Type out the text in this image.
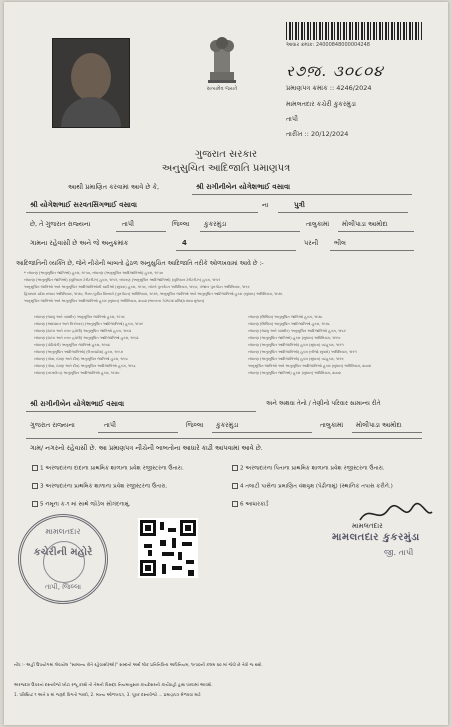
સત્યમેવ જયતે
આધાર ક્રમાંક: 24000848000004248
ર૭જ઼. ૩૦૮૦૪
પ્રમાણપત્ર ક્રમાંક :: 4246/2024
મામલતદાર કચેરી કુકરમુંડા
તાપી
તારીખ :: 20/12/2024
ગુજરાત સરકાર
અનુસુચિત આદિજાતિ પ્રમાણપત્ર
આથી પ્રમાણિત કરવામાં આવે છે કે,	શ્રી રાગીનીબેન યોગેશભાઈ વસાવા
શ્રી યોગેશભાઈ સરવતસિંગભાઈ વસાવા	ના	પુત્રી
છે, તે ગુજરાત રાજ્યના	તાપી	જિલ્લા કુકરમુંડા	તાલુકામાં મોલીપાડા આમોદા
ગામના રહેવાસી છે અને જે અનુક્રમાંક	4	પરની ભીલ
આદિજાતિની વ્યક્તિ છે, જેને નીચેની બાબતો હેઠળ અનુસુચિત આદિજાતિ તરીકે ઓળખવામાં આવે છે :-
* બંધારણ (અનુસૂચિત જાતિઓ) હુકમ, ૧૯૫૦, બંધારણ (અનુસૂચિત આદિજાતિઓ) હુકમ, ૧૯૫૦
બંધારણ (અનુસૂચિત જાતિઓ) (યુનિયન ટેરીટરીઝ) હુકમ, ૧૯૫૧, બંધારણ (અનુસૂચિત આદિજાતિઓ) (યુનિયન ટેરીટરીઝ) હુકમ, ૧૯૫૧
અનુસૂચિત જાતિઓ અને અનુસૂચિત આદિજાતિઓની યાદીઓ (સુધારા) હુકમ, ૧૯૫૬, બોમ્બે પુનર્ગઠન અધિનિયમ, ૧૯૬૦, પંજાબ પુનર્ગઠન અધિનિયમ, ૧૯૬૬
હિમાચલ પ્રદેશ રાજ્ય અધિનિયમ, ૧૯૭૦, ઉત્તર-પૂર્વીય વિસ્તારો (પુનર્ગઠન) અધિનિયમ, ૧૯૭૧, અનુસૂચિત જાતિઓ અને અનુસૂચિત આદિજાતિઓ હુકમ (સુધારા) અધિનિયમ, ૧૯૭૬
અનુસૂચિત જાતિઓ અને અનુસૂચિત આદિજાતિઓ હુકમ (સુધારા) અધિનિયમ, ૨૦૦૨ (ભારતના ગેઝેટમાં પ્રસિદ્ધ થયા મુજબ)
બંધારણ (જમ્મુ અને કાશ્મીર) અનુસૂચિત જાતિઓ હુકમ, ૧૯૫૬
બંધારણ (આંદામાન અને નિકોબાર) (અનુસૂચિત આદિજાતિઓ) હુકમ, ૧૯૫૯
બંધારણ (દાદરા અને નગર હવેલી) અનુસૂચિત જાતિઓ હુકમ, ૧૯૬૨
બંધારણ (દાદરા અને નગર હવેલી) અનુસૂચિત આદિજાતિઓ હુકમ, ૧૯૬૨
બંધારણ (પોંડિચેરી) અનુસૂચિત જાતિઓ હુકમ, ૧૯૬૪
બંધારણ (અનુસૂચિત આદિજાતિઓ) (ઉત્તરપ્રદેશ) હુકમ, ૧૯૬૭
બંધારણ (ગોવા, દમણ અને દીવ) અનુસૂચિત જાતિઓ હુકમ, ૧૯૬૮
બંધારણ (ગોવા, દમણ અને દીવ) અનુસૂચિત આદિજાતિઓ હુકમ, ૧૯૬૮
બંધારણ (નાગાલેન્ડ) અનુસૂચિત આદિજાતિઓ હુકમ, ૧૯૭૦
બંધારણ (સિક્કિમ) અનુસૂચિત જાતિઓ હુકમ, ૧૯૭૮
બંધારણ (સિક્કિમ) અનુસૂચિત આદિજાતિઓ હુકમ, ૧૯૭૮
બંધારણ (જમ્મુ અને કાશ્મીર) અનુસૂચિત આદિજાતિઓ હુકમ, ૧૯૮૯
બંધારણ (અનુસૂચિત જાતિઓ) હુકમ (સુધારા) અધિનિયમ, ૧૯૯૦
બંધારણ (અનુસૂચિત આદિજાતિઓ) હુકમ (સુધારા) વટહુકમ, ૧૯૯૧
બંધારણ (અનુસૂચિત આદિજાતિઓ) હુકમ (બીજો સુધારો) અધિનિયમ, ૧૯૯૧
બંધારણ (અનુસૂચિત આદિજાતિઓ) હુકમ (સુધારા) વટહુકમ, ૧૯૯૬
અનુસૂચિત જાતિઓ અને અનુસૂચિત આદિજાતિઓ હુકમ (સુધારા) અધિનિયમ, ૨૦૦૨
બંધારણ (અનુસૂચિત જાતિઓ) હુકમ (સુધારા) અધિનિયમ, ૨૦૦૨
શ્રી રાગીનીબેન યોગેશભાઈ વસાવા	અને અથવા તેનો / તેણીનો પરિવાર સામાન્ય રીતે
ગુજરાત રાજ્યના	તાપી	જિલ્લા કુકરમુંડા	તાલુકામાં મોલીપાડા આમોદા
ગામ/ નગરનો રહેવાસી છે. આ પ્રમાણપત્ર નીચેની બાબતોના આધારે કાઢી આપવામાં આવે છે.
1 અરજદારના દાદાના પ્રાથમિક શાળાના પ્રવેશ રજીસ્ટરના ઉતારા.	2 અરજદારના પિતાના પ્રાથમિક શાળાના પ્રવેશ રજીસ્ટરના ઉતારા.
3 અરજદારના પ્રાથમિક શાળાના પ્રવેશ રજીસ્ટરના ઉતારા.	4 તલાટી પાસેના પ્રમાણિત વંશવૃક્ષ (પેઢીનામું) (સ્થાનિક તપાસ કરીને.)
5 નમૂના ક-૧ માં સાથે જોડેલ સોગંદનામું.	6 આધારકાર્ડ
મામલતદાર
કચેરીની મહોરે
તાપી, જિલ્લા
મામલતદાર
મામલતદાર કુકરમુંડા
જી. તાપી
નોંધ :- અહીં ઉપયોગમાં લેવાયેલ "સામાન્ય રીતે રહેવાસી(ઓ)" શબ્દનો અર્થ લોક પ્રતિનિધિત્વ અધિનિયમ, ૧૯૫૦ની કલમ ૨૦ માં જેવો છે તેવો જ થશે.
અરજદાર ઉપરનાં દસ્તાવેજો ખોટા રજૂ કરશે તો તેમની વિરુદ્ધ નિયમાનુસાર કાયદેસરની કાર્યવાહી હાથ ધરવામાં આવશે.
1. પરિશિષ્ટ ૧ અને ૨ માં જરૂરી વિગતો ભરવી, 2. માન્ય ઓળખપત્ર, 3. પૂરક દસ્તાવેજો ... પ્રમાણપત્ર મેળવવા માટે
